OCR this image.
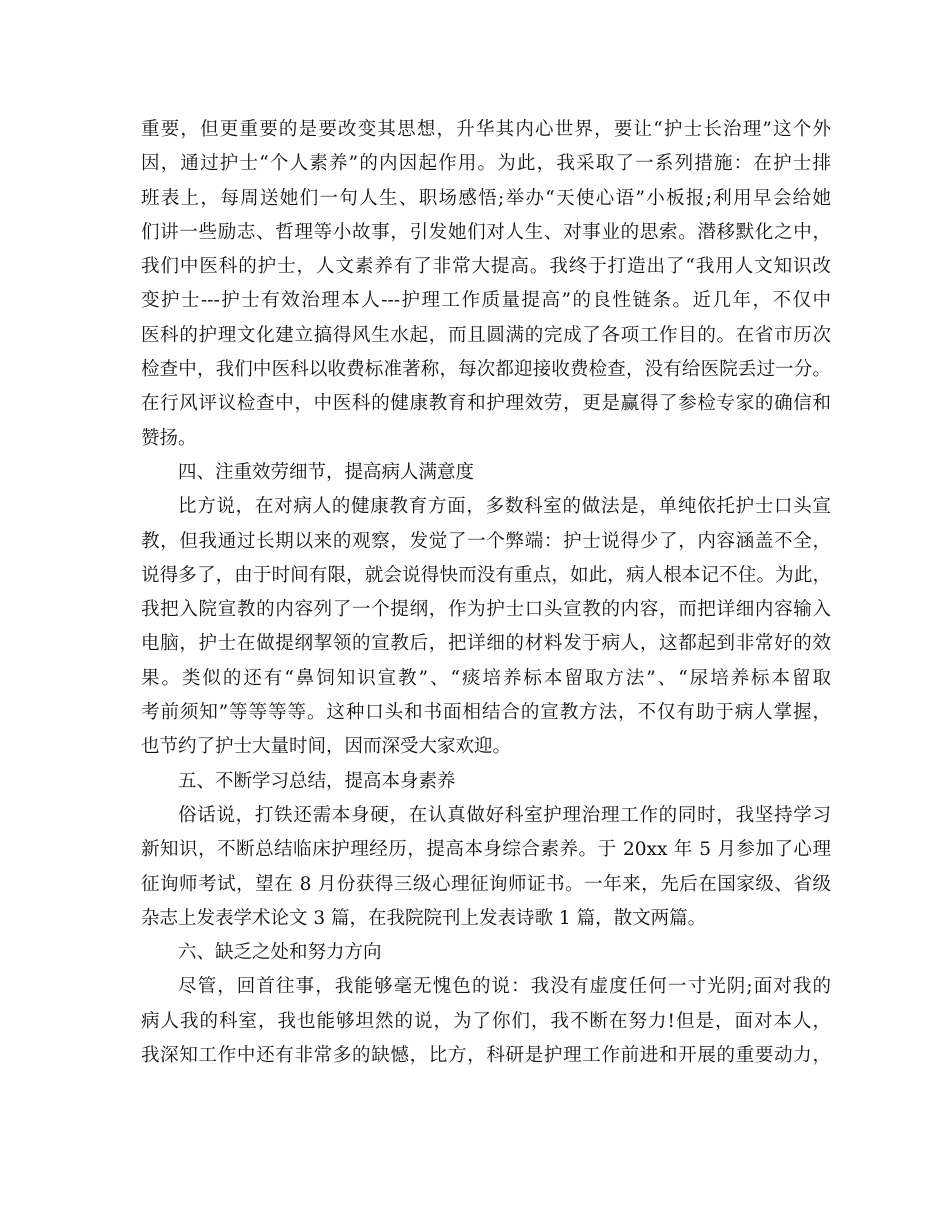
重要，但更重要的是要改变其思想，升华其内心世界，要让“护士长治理”这个外
因，通过护士“个人素养”的内因起作用。为此，我采取了一系列措施：在护士排
班表上，每周送她们一句人生、职场感悟;举办“天使心语”小板报;利用早会给她
们讲一些励志、哲理等小故事，引发她们对人生、对事业的思索。潜移默化之中，
我们中医科的护士，人文素养有了非常大提高。我终于打造出了“我用人文知识改
变护士---护士有效治理本人---护理工作质量提高”的良性链条。近几年，不仅中
医科的护理文化建立搞得风生水起，而且圆满的完成了各项工作目的。在省市历次
检查中，我们中医科以收费标准著称，每次都迎接收费检查，没有给医院丢过一分。
在行风评议检查中，中医科的健康教育和护理效劳，更是赢得了参检专家的确信和
赞扬。
四、注重效劳细节，提高病人满意度
比方说，在对病人的健康教育方面，多数科室的做法是，单纯依托护士口头宣
教，但我通过长期以来的观察，发觉了一个弊端：护士说得少了，内容涵盖不全，
说得多了，由于时间有限，就会说得快而没有重点，如此，病人根本记不住。为此，
我把入院宣教的内容列了一个提纲，作为护士口头宣教的内容，而把详细内容输入
电脑，护士在做提纲挈领的宣教后，把详细的材料发于病人，这都起到非常好的效
果。类似的还有“鼻饲知识宣教”、“痰培养标本留取方法”、“尿培养标本留取
考前须知”等等等等。这种口头和书面相结合的宣教方法，不仅有助于病人掌握，
也节约了护士大量时间，因而深受大家欢迎。
五、不断学习总结，提高本身素养
俗话说，打铁还需本身硬，在认真做好科室护理治理工作的同时，我坚持学习
新知识，不断总结临床护理经历，提高本身综合素养。于 20xx 年 5 月参加了心理
征询师考试，望在 8 月份获得三级心理征询师证书。一年来，先后在国家级、省级
杂志上发表学术论文 3 篇，在我院院刊上发表诗歌 1 篇，散文两篇。
六、缺乏之处和努力方向
尽管，回首往事，我能够毫无愧色的说：我没有虚度任何一寸光阴;面对我的
病人我的科室，我也能够坦然的说，为了你们，我不断在努力!但是，面对本人，
我深知工作中还有非常多的缺憾，比方，科研是护理工作前进和开展的重要动力，
